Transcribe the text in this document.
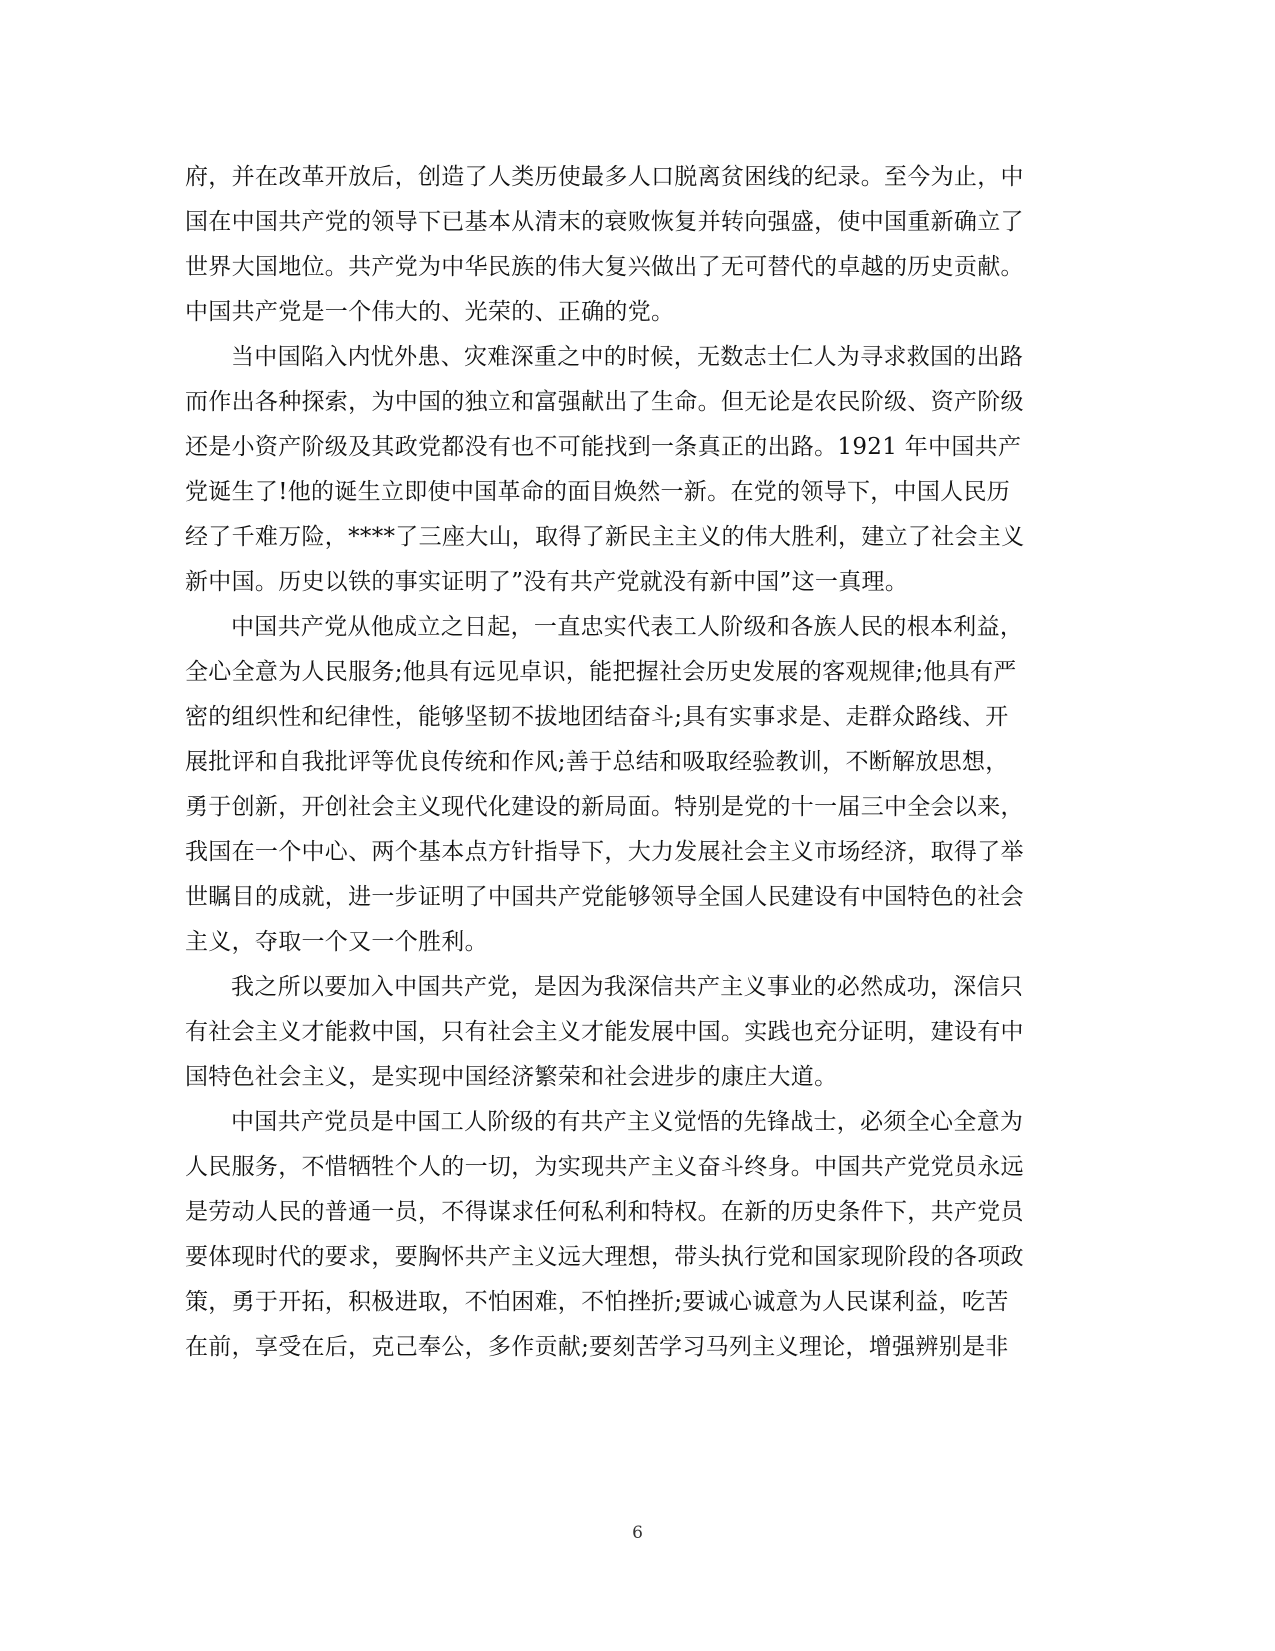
府，并在改革开放后，创造了人类历使最多人口脱离贫困线的纪录。至今为止，中
国在中国共产党的领导下已基本从清末的衰败恢复并转向强盛，使中国重新确立了
世界大国地位。共产党为中华民族的伟大复兴做出了无可替代的卓越的历史贡献。
中国共产党是一个伟大的、光荣的、正确的党。
当中国陷入内忧外患、灾难深重之中的时候，无数志士仁人为寻求救国的出路
而作出各种探索，为中国的独立和富强献出了生命。但无论是农民阶级、资产阶级
还是小资产阶级及其政党都没有也不可能找到一条真正的出路。1921 年中国共产
党诞生了!他的诞生立即使中国革命的面目焕然一新。在党的领导下，中国人民历
经了千难万险，****了三座大山，取得了新民主主义的伟大胜利，建立了社会主义
新中国。历史以铁的事实证明了”没有共产党就没有新中国”这一真理。
中国共产党从他成立之日起，一直忠实代表工人阶级和各族人民的根本利益，
全心全意为人民服务;他具有远见卓识，能把握社会历史发展的客观规律;他具有严
密的组织性和纪律性，能够坚韧不拔地团结奋斗;具有实事求是、走群众路线、开
展批评和自我批评等优良传统和作风;善于总结和吸取经验教训，不断解放思想，
勇于创新，开创社会主义现代化建设的新局面。特别是党的十一届三中全会以来，
我国在一个中心、两个基本点方针指导下，大力发展社会主义市场经济，取得了举
世瞩目的成就，进一步证明了中国共产党能够领导全国人民建设有中国特色的社会
主义，夺取一个又一个胜利。
我之所以要加入中国共产党，是因为我深信共产主义事业的必然成功，深信只
有社会主义才能救中国，只有社会主义才能发展中国。实践也充分证明，建设有中
国特色社会主义，是实现中国经济繁荣和社会进步的康庄大道。
中国共产党员是中国工人阶级的有共产主义觉悟的先锋战士，必须全心全意为
人民服务，不惜牺牲个人的一切，为实现共产主义奋斗终身。中国共产党党员永远
是劳动人民的普通一员，不得谋求任何私利和特权。在新的历史条件下，共产党员
要体现时代的要求，要胸怀共产主义远大理想，带头执行党和国家现阶段的各项政
策，勇于开拓，积极进取，不怕困难，不怕挫折;要诚心诚意为人民谋利益，吃苦
在前，享受在后，克己奉公，多作贡献;要刻苦学习马列主义理论，增强辨别是非
6
